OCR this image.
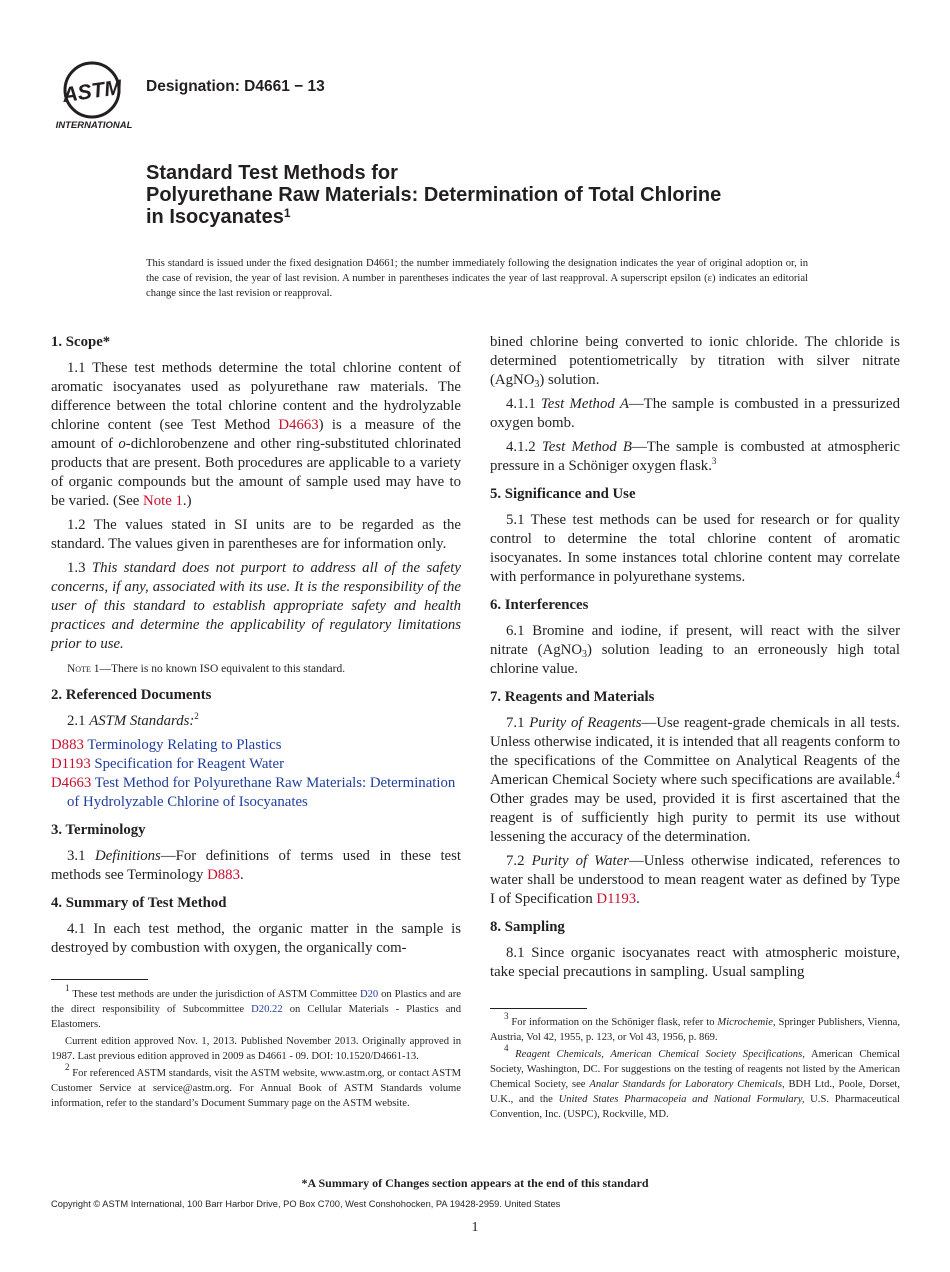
ASTM
INTERNATIONAL
Designation: D4661 − 13
Standard Test Methods for
Polyurethane Raw Materials: Determination of Total Chlorine
in Isocyanates$^1$
This standard is issued under the fixed designation D4661; the number immediately following the designation indicates the year of original adoption or, in the case of revision, the year of last revision. A number in parentheses indicates the year of last reapproval. A superscript epsilon (ε) indicates an editorial change since the last revision or reapproval.
1. Scope*

1.1 These test methods determine the total chlorine content of aromatic isocyanates used as polyurethane raw materials. The difference between the total chlorine content and the hydrolyzable chlorine content (see Test Method D4663) is a measure of the amount of o-dichlorobenzene and other ring-substituted chlorinated products that are present. Both procedures are applicable to a variety of organic compounds but the amount of sample used may have to be varied. (See Note 1.)

1.2 The values stated in SI units are to be regarded as the standard. The values given in parentheses are for information only.

1.3 This standard does not purport to address all of the safety concerns, if any, associated with its use. It is the responsibility of the user of this standard to establish appropriate safety and health practices and determine the applicability of regulatory limitations prior to use.

Note 1—There is no known ISO equivalent to this standard.
2. Referenced Documents

2.1 ASTM Standards:$^2$

D883 Terminology Relating to Plastics

D1193 Specification for Reagent Water

D4663 Test Method for Polyurethane Raw Materials: Determination of Hydrolyzable Chlorine of Isocyanates

3. Terminology

3.1 Definitions—For definitions of terms used in these test methods see Terminology D883.

4. Summary of Test Method

4.1 In each test method, the organic matter in the sample is destroyed by combustion with oxygen, the organically com-

bined chlorine being converted to ionic chloride. The chloride is determined potentiometrically by titration with silver nitrate (AgNO$_3$) solution.

4.1.1 Test Method A—The sample is combusted in a pressurized oxygen bomb.

4.1.2 Test Method B—The sample is combusted at atmospheric pressure in a Schöniger oxygen flask.$^3$

5. Significance and Use

5.1 These test methods can be used for research or for quality control to determine the total chlorine content of aromatic isocyanates. In some instances total chlorine content may correlate with performance in polyurethane systems.

6. Interferences

6.1 Bromine and iodine, if present, will react with the silver nitrate (AgNO$_3$) solution leading to an erroneously high total chlorine value.

7. Reagents and Materials

7.1 Purity of Reagents—Use reagent-grade chemicals in all tests. Unless otherwise indicated, it is intended that all reagents conform to the specifications of the Committee on Analytical Reagents of the American Chemical Society where such specifications are available.$^4$ Other grades may be used, provided it is first ascertained that the reagent is of sufficiently high purity to permit its use without lessening the accuracy of the determination.

7.2 Purity of Water—Unless otherwise indicated, references to water shall be understood to mean reagent water as defined by Type I of Specification D1193.

8. Sampling

8.1 Since organic isocyanates react with atmospheric moisture, take special precautions in sampling. Usual sampling

$^1$ These test methods are under the jurisdiction of ASTM Committee D20 on Plastics and are the direct responsibility of Subcommittee D20.22 on Cellular Materials - Plastics and Elastomers.

Current edition approved Nov. 1, 2013. Published November 2013. Originally approved in 1987. Last previous edition approved in 2009 as D4661 - 09. DOI: 10.1520/D4661-13.

$^2$ For referenced ASTM standards, visit the ASTM website, www.astm.org, or contact ASTM Customer Service at service@astm.org. For Annual Book of ASTM Standards volume information, refer to the standard’s Document Summary page on the ASTM website.

$^3$ For information on the Schöniger flask, refer to Microchemie, Springer Publishers, Vienna, Austria, Vol 42, 1955, p. 123, or Vol 43, 1956, p. 869.

$^4$ Reagent Chemicals, American Chemical Society Specifications, American Chemical Society, Washington, DC. For suggestions on the testing of reagents not listed by the American Chemical Society, see Analar Standards for Laboratory Chemicals, BDH Ltd., Poole, Dorset, U.K., and the United States Pharmacopeia and National Formulary, U.S. Pharmaceutical Convention, Inc. (USPC), Rockville, MD.

*A Summary of Changes section appears at the end of this standard
Copyright © ASTM International, 100 Barr Harbor Drive, PO Box C700, West Conshohocken, PA 19428-2959. United States
1
